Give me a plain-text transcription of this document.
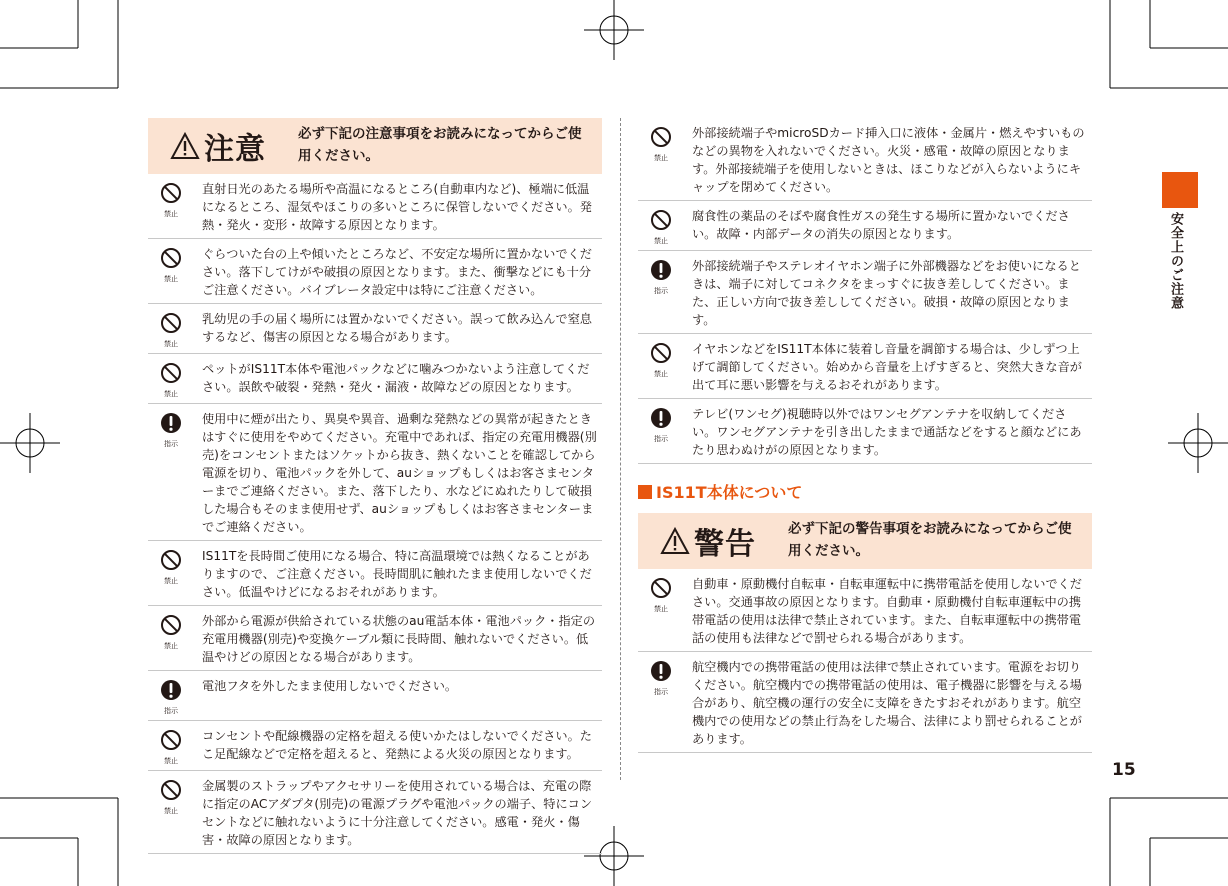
注意 必ず下記の注意事項をお読みになってからご使用ください。
禁止
直射日光のあたる場所や高温になるところ(自動車内など)、極端に低温になるところ、湿気やほこりの多いところに保管しないでください。発熱・発火・変形・故障する原因となります。
禁止
ぐらついた台の上や傾いたところなど、不安定な場所に置かないでください。落下してけがや破損の原因となります。また、衝撃などにも十分ご注意ください。バイブレータ設定中は特にご注意ください。
禁止
乳幼児の手の届く場所には置かないでください。誤って飲み込んで窒息するなど、傷害の原因となる場合があります。
禁止
ペットがIS11T本体や電池パックなどに噛みつかないよう注意してください。誤飲や破裂・発熱・発火・漏液・故障などの原因となります。
指示
使用中に煙が出たり、異臭や異音、過剰な発熱などの異常が起きたときはすぐに使用をやめてください。充電中であれば、指定の充電用機器(別売)をコンセントまたはソケットから抜き、熱くないことを確認してから電源を切り、電池パックを外して、auショップもしくはお客さまセンターまでご連絡ください。また、落下したり、水などにぬれたりして破損した場合もそのまま使用せず、auショップもしくはお客さまセンターまでご連絡ください。
禁止
IS11Tを長時間ご使用になる場合、特に高温環境では熱くなることがありますので、ご注意ください。長時間肌に触れたまま使用しないでください。低温やけどになるおそれがあります。
禁止
外部から電源が供給されている状態のau電話本体・電池パック・指定の充電用機器(別売)や変換ケーブル類に長時間、触れないでください。低温やけどの原因となる場合があります。
指示
電池フタを外したまま使用しないでください。
禁止
コンセントや配線機器の定格を超える使いかたはしないでください。たこ足配線などで定格を超えると、発熱による火災の原因となります。
禁止
金属製のストラップやアクセサリーを使用されている場合は、充電の際に指定のACアダプタ(別売)の電源プラグや電池パックの端子、特にコンセントなどに触れないように十分注意してください。感電・発火・傷害・故障の原因となります。
禁止
外部接続端子やmicroSDカード挿入口に液体・金属片・燃えやすいものなどの異物を入れないでください。火災・感電・故障の原因となります。外部接続端子を使用しないときは、ほこりなどが入らないようにキャップを閉めてください。
禁止
腐食性の薬品のそばや腐食性ガスの発生する場所に置かないでください。故障・内部データの消失の原因となります。
指示
外部接続端子やステレオイヤホン端子に外部機器などをお使いになるときは、端子に対してコネクタをまっすぐに抜き差ししてください。また、正しい方向で抜き差ししてください。破損・故障の原因となります。
禁止
イヤホンなどをIS11T本体に装着し音量を調節する場合は、少しずつ上げて調節してください。始めから音量を上げすぎると、突然大きな音が出て耳に悪い影響を与えるおそれがあります。
指示
テレビ(ワンセグ)視聴時以外ではワンセグアンテナを収納してください。ワンセグアンテナを引き出したままで通話などをすると顔などにあたり思わぬけがの原因となります。
IS11T本体について
警告 必ず下記の警告事項をお読みになってからご使用ください。
禁止
自動車・原動機付自転車・自転車運転中に携帯電話を使用しないでください。交通事故の原因となります。自動車・原動機付自転車運転中の携帯電話の使用は法律で禁止されています。また、自転車運転中の携帯電話の使用も法律などで罰せられる場合があります。
指示
航空機内での携帯電話の使用は法律で禁止されています。電源をお切りください。航空機内での携帯電話の使用は、電子機器に影響を与える場合があり、航空機の運行の安全に支障をきたすおそれがあります。航空機内での使用などの禁止行為をした場合、法律により罰せられることがあります。
安全上のご注意
15
